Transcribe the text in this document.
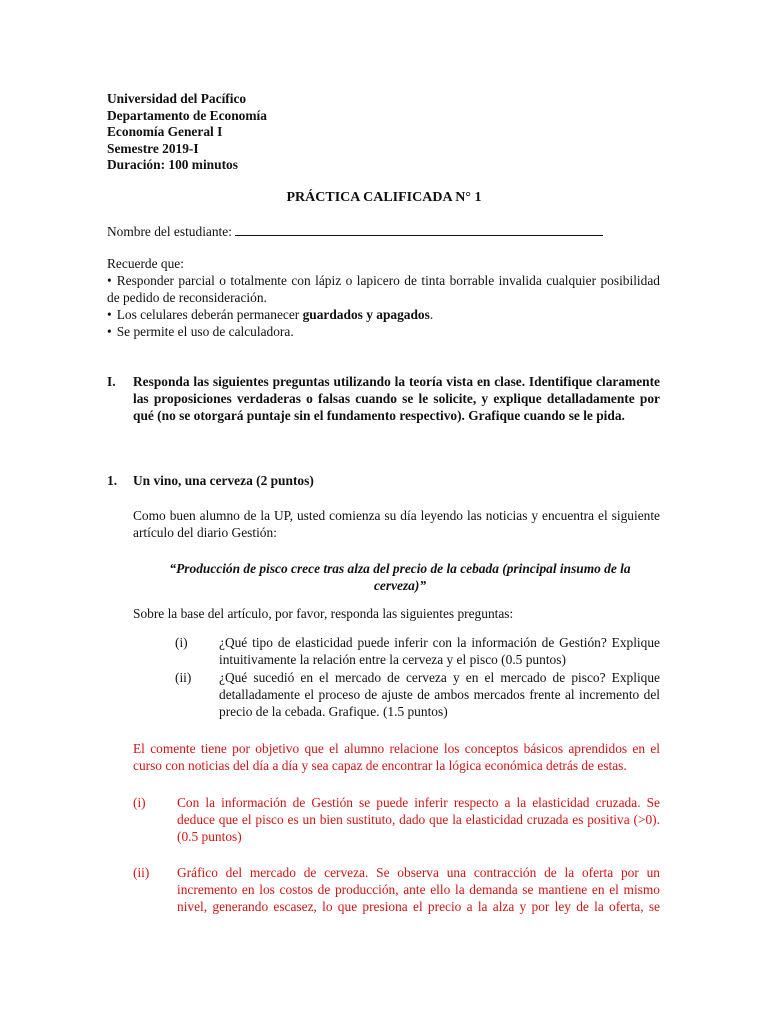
Universidad del Pacífico
Departamento de Economía
Economía General I
Semestre 2019-I
Duración: 100 minutos
PRÁCTICA CALIFICADA N° 1
Nombre del estudiante:

Recuerde que:

• Responder parcial o totalmente con lápiz o lapicero de tinta borrable invalida cualquier posibilidad de pedido de reconsideración.

• Los celulares deberán permanecer guardados y apagados.

• Se permite el uso de calculadora.

I. Responda las siguientes preguntas utilizando la teoría vista en clase. Identifique claramente las proposiciones verdaderas o falsas cuando se le solicite, y explique detalladamente por qué (no se otorgará puntaje sin el fundamento respectivo). Grafique cuando se le pida.
1. Un vino, una cerveza (2 puntos)
Como buen alumno de la UP, usted comienza su día leyendo las noticias y encuentra el siguiente artículo del diario Gestión:
“Producción de pisco crece tras alza del precio de la cebada (principal insumo de la cerveza)”
Sobre la base del artículo, por favor, responda las siguientes preguntas:
(i) ¿Qué tipo de elasticidad puede inferir con la información de Gestión? Explique intuitivamente la relación entre la cerveza y el pisco (0.5 puntos)
(ii) ¿Qué sucedió en el mercado de cerveza y en el mercado de pisco? Explique detalladamente el proceso de ajuste de ambos mercados frente al incremento del precio de la cebada. Grafique. (1.5 puntos)
El comente tiene por objetivo que el alumno relacione los conceptos básicos aprendidos en el curso con noticias del día a día y sea capaz de encontrar la lógica económica detrás de estas.
(i) Con la información de Gestión se puede inferir respecto a la elasticidad cruzada. Se deduce que el pisco es un bien sustituto, dado que la elasticidad cruzada es positiva (>0). (0.5 puntos)
(ii) Gráfico del mercado de cerveza. Se observa una contracción de la oferta por un incremento en los costos de producción, ante ello la demanda se mantiene en el mismo nivel, generando escasez, lo que presiona el precio a la alza y por ley de la oferta, se
